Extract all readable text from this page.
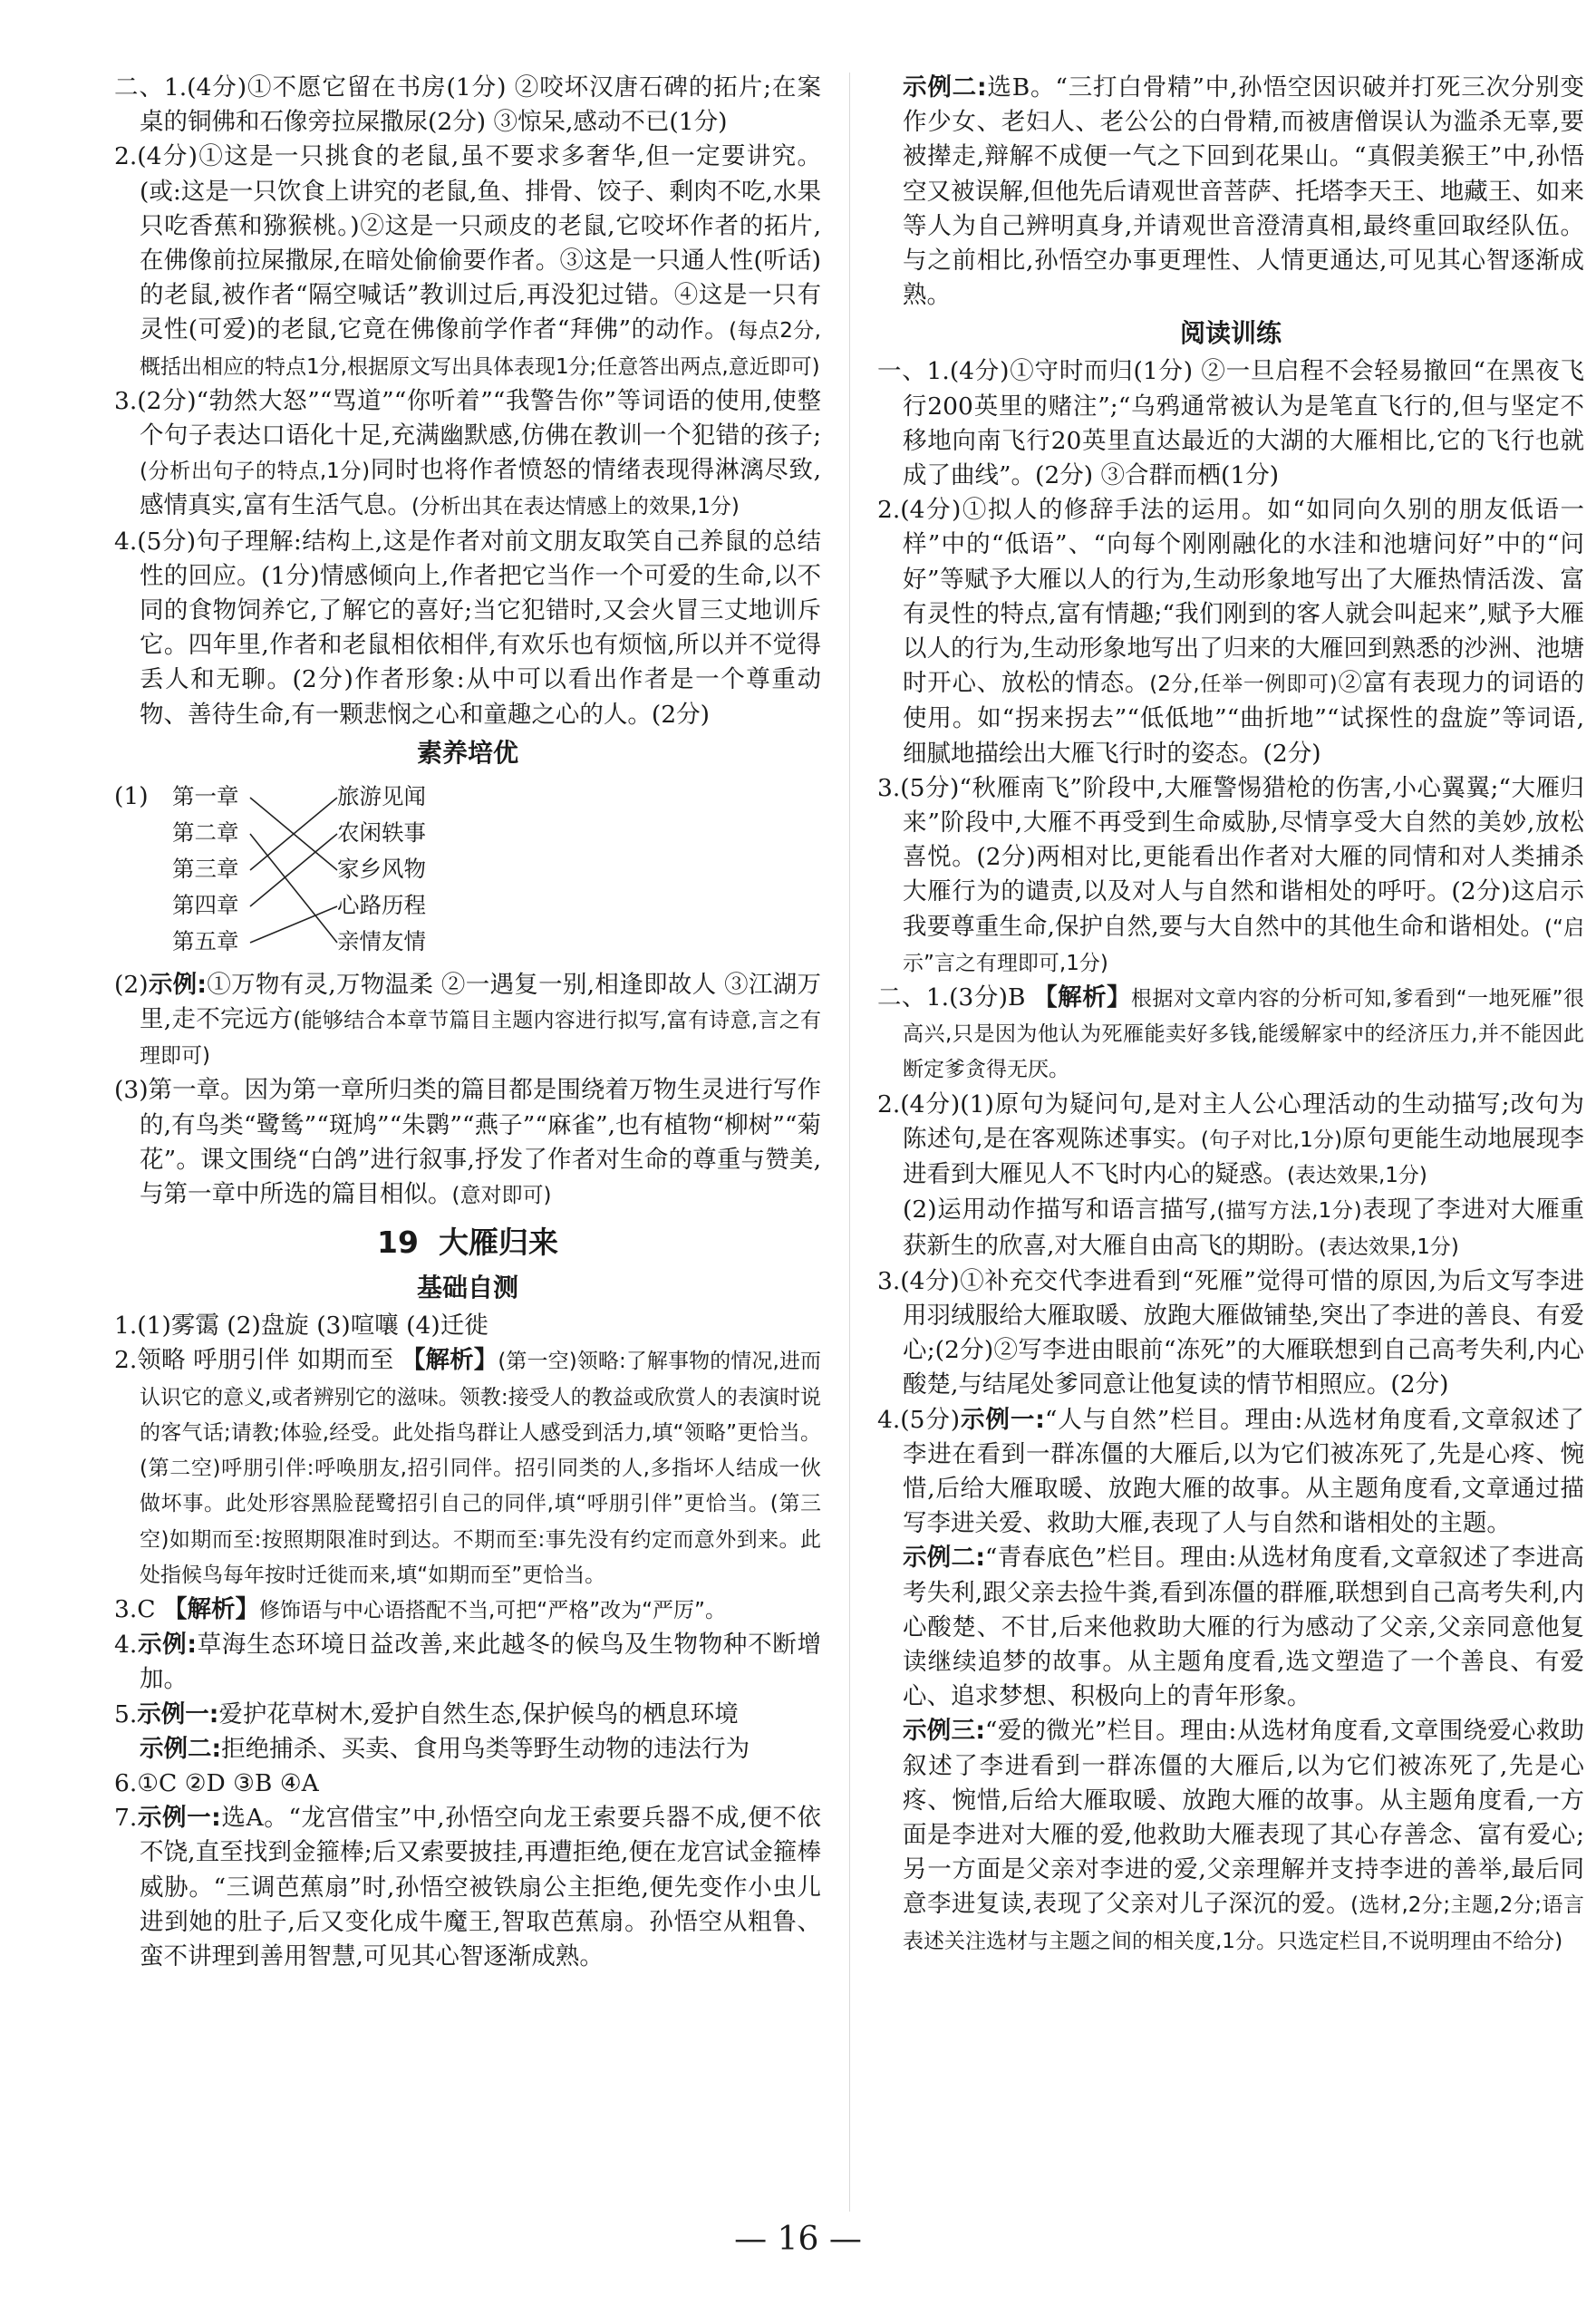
二、1.(4分)①不愿它留在书房(1分) ②咬坏汉唐石碑的拓片;在案桌的铜佛和石像旁拉屎撒尿(2分) ③惊呆,感动不已(1分)

2.(4分)①这是一只挑食的老鼠,虽不要求多奢华,但一定要讲究。(或:这是一只饮食上讲究的老鼠,鱼、排骨、饺子、剩肉不吃,水果只吃香蕉和猕猴桃。)②这是一只顽皮的老鼠,它咬坏作者的拓片,在佛像前拉屎撒尿,在暗处偷偷要作者。③这是一只通人性(听话)的老鼠,被作者“隔空喊话”教训过后,再没犯过错。④这是一只有灵性(可爱)的老鼠,它竟在佛像前学作者“拜佛”的动作。(每点2分,概括出相应的特点1分,根据原文写出具体表现1分;任意答出两点,意近即可)

3.(2分)“勃然大怒”“骂道”“你听着”“我警告你”等词语的使用,使整个句子表达口语化十足,充满幽默感,仿佛在教训一个犯错的孩子;(分析出句子的特点,1分)同时也将作者愤怒的情绪表现得淋漓尽致,感情真实,富有生活气息。(分析出其在表达情感上的效果,1分)

4.(5分)句子理解:结构上,这是作者对前文朋友取笑自己养鼠的总结性的回应。(1分)情感倾向上,作者把它当作一个可爱的生命,以不同的食物饲养它,了解它的喜好;当它犯错时,又会火冒三丈地训斥它。四年里,作者和老鼠相依相伴,有欢乐也有烦恼,所以并不觉得丢人和无聊。(2分)作者形象:从中可以看出作者是一个尊重动物、善待生命,有一颗悲悯之心和童趣之心的人。(2分)

素养培优
(1) 第一章
第二章
第三章
第四章
第五章
旅游见闻
农闲轶事
家乡风物
心路历程
亲情友情

(2)示例:①万物有灵,万物温柔 ②一遇复一别,相逢即故人 ③江湖万里,走不完远方(能够结合本章节篇目主题内容进行拟写,富有诗意,言之有理即可)

(3)第一章。因为第一章所归类的篇目都是围绕着万物生灵进行写作的,有鸟类“鹭鸶”“斑鸠”“朱鹮”“燕子”“麻雀”,也有植物“柳树”“菊花”。课文围绕“白鸽”进行叙事,抒发了作者对生命的尊重与赞美,与第一章中所选的篇目相似。(意对即可)

19 大雁归来
基础自测

1.(1)雾霭 (2)盘旋 (3)喧嚷 (4)迁徙

2.领略 呼朋引伴 如期而至 【解析】(第一空)领略:了解事物的情况,进而认识它的意义,或者辨别它的滋味。领教:接受人的教益或欣赏人的表演时说的客气话;请教;体验,经受。此处指鸟群让人感受到活力,填“领略”更恰当。(第二空)呼朋引伴:呼唤朋友,招引同伴。招引同类的人,多指坏人结成一伙做坏事。此处形容黑脸琵鹭招引自己的同伴,填“呼朋引伴”更恰当。(第三空)如期而至:按照期限准时到达。不期而至:事先没有约定而意外到来。此处指候鸟每年按时迁徙而来,填“如期而至”更恰当。

3.C 【解析】修饰语与中心语搭配不当,可把“严格”改为“严厉”。

4.示例:草海生态环境日益改善,来此越冬的候鸟及生物物种不断增加。

5.示例一:爱护花草树木,爱护自然生态,保护候鸟的栖息环境

示例二:拒绝捕杀、买卖、食用鸟类等野生动物的违法行为

6.①C ②D ③B ④A

7.示例一:选A。“龙宫借宝”中,孙悟空向龙王索要兵器不成,便不依不饶,直至找到金箍棒;后又索要披挂,再遭拒绝,便在龙宫试金箍棒威胁。“三调芭蕉扇”时,孙悟空被铁扇公主拒绝,便先变作小虫儿进到她的肚子,后又变化成牛魔王,智取芭蕉扇。孙悟空从粗鲁、蛮不讲理到善用智慧,可见其心智逐渐成熟。

示例二:选B。“三打白骨精”中,孙悟空因识破并打死三次分别变作少女、老妇人、老公公的白骨精,而被唐僧误认为滥杀无辜,要被撵走,辩解不成便一气之下回到花果山。“真假美猴王”中,孙悟空又被误解,但他先后请观世音菩萨、托塔李天王、地藏王、如来等人为自己辨明真身,并请观世音澄清真相,最终重回取经队伍。与之前相比,孙悟空办事更理性、人情更通达,可见其心智逐渐成熟。

阅读训练

一、1.(4分)①守时而归(1分) ②一旦启程不会轻易撤回“在黑夜飞行200英里的赌注”;“乌鸦通常被认为是笔直飞行的,但与坚定不移地向南飞行20英里直达最近的大湖的大雁相比,它的飞行也就成了曲线”。(2分) ③合群而栖(1分)

2.(4分)①拟人的修辞手法的运用。如“如同向久别的朋友低语一样”中的“低语”、“向每个刚刚融化的水洼和池塘问好”中的“问好”等赋予大雁以人的行为,生动形象地写出了大雁热情活泼、富有灵性的特点,富有情趣;“我们刚到的客人就会叫起来”,赋予大雁以人的行为,生动形象地写出了归来的大雁回到熟悉的沙洲、池塘时开心、放松的情态。(2分,任举一例即可)②富有表现力的词语的使用。如“拐来拐去”“低低地”“曲折地”“试探性的盘旋”等词语,细腻地描绘出大雁飞行时的姿态。(2分)

3.(5分)“秋雁南飞”阶段中,大雁警惕猎枪的伤害,小心翼翼;“大雁归来”阶段中,大雁不再受到生命威胁,尽情享受大自然的美妙,放松喜悦。(2分)两相对比,更能看出作者对大雁的同情和对人类捕杀大雁行为的谴责,以及对人与自然和谐相处的呼吁。(2分)这启示我要尊重生命,保护自然,要与大自然中的其他生命和谐相处。(“启示”言之有理即可,1分)

二、1.(3分)B 【解析】根据对文章内容的分析可知,爹看到“一地死雁”很高兴,只是因为他认为死雁能卖好多钱,能缓解家中的经济压力,并不能因此断定爹贪得无厌。

2.(4分)(1)原句为疑问句,是对主人公心理活动的生动描写;改句为陈述句,是在客观陈述事实。(句子对比,1分)原句更能生动地展现李进看到大雁见人不飞时内心的疑惑。(表达效果,1分)

(2)运用动作描写和语言描写,(描写方法,1分)表现了李进对大雁重获新生的欣喜,对大雁自由高飞的期盼。(表达效果,1分)

3.(4分)①补充交代李进看到“死雁”觉得可惜的原因,为后文写李进用羽绒服给大雁取暖、放跑大雁做铺垫,突出了李进的善良、有爱心;(2分)②写李进由眼前“冻死”的大雁联想到自己高考失利,内心酸楚,与结尾处爹同意让他复读的情节相照应。(2分)

4.(5分)示例一:“人与自然”栏目。理由:从选材角度看,文章叙述了李进在看到一群冻僵的大雁后,以为它们被冻死了,先是心疼、惋惜,后给大雁取暖、放跑大雁的故事。从主题角度看,文章通过描写李进关爱、救助大雁,表现了人与自然和谐相处的主题。

示例二:“青春底色”栏目。理由:从选材角度看,文章叙述了李进高考失利,跟父亲去捡牛粪,看到冻僵的群雁,联想到自己高考失利,内心酸楚、不甘,后来他救助大雁的行为感动了父亲,父亲同意他复读继续追梦的故事。从主题角度看,选文塑造了一个善良、有爱心、追求梦想、积极向上的青年形象。

示例三:“爱的微光”栏目。理由:从选材角度看,文章围绕爱心救助叙述了李进看到一群冻僵的大雁后,以为它们被冻死了,先是心疼、惋惜,后给大雁取暖、放跑大雁的故事。从主题角度看,一方面是李进对大雁的爱,他救助大雁表现了其心存善念、富有爱心;另一方面是父亲对李进的爱,父亲理解并支持李进的善举,最后同意李进复读,表现了父亲对儿子深沉的爱。(选材,2分;主题,2分;语言表述关注选材与主题之间的相关度,1分。只选定栏目,不说明理由不给分)

— 16 —
